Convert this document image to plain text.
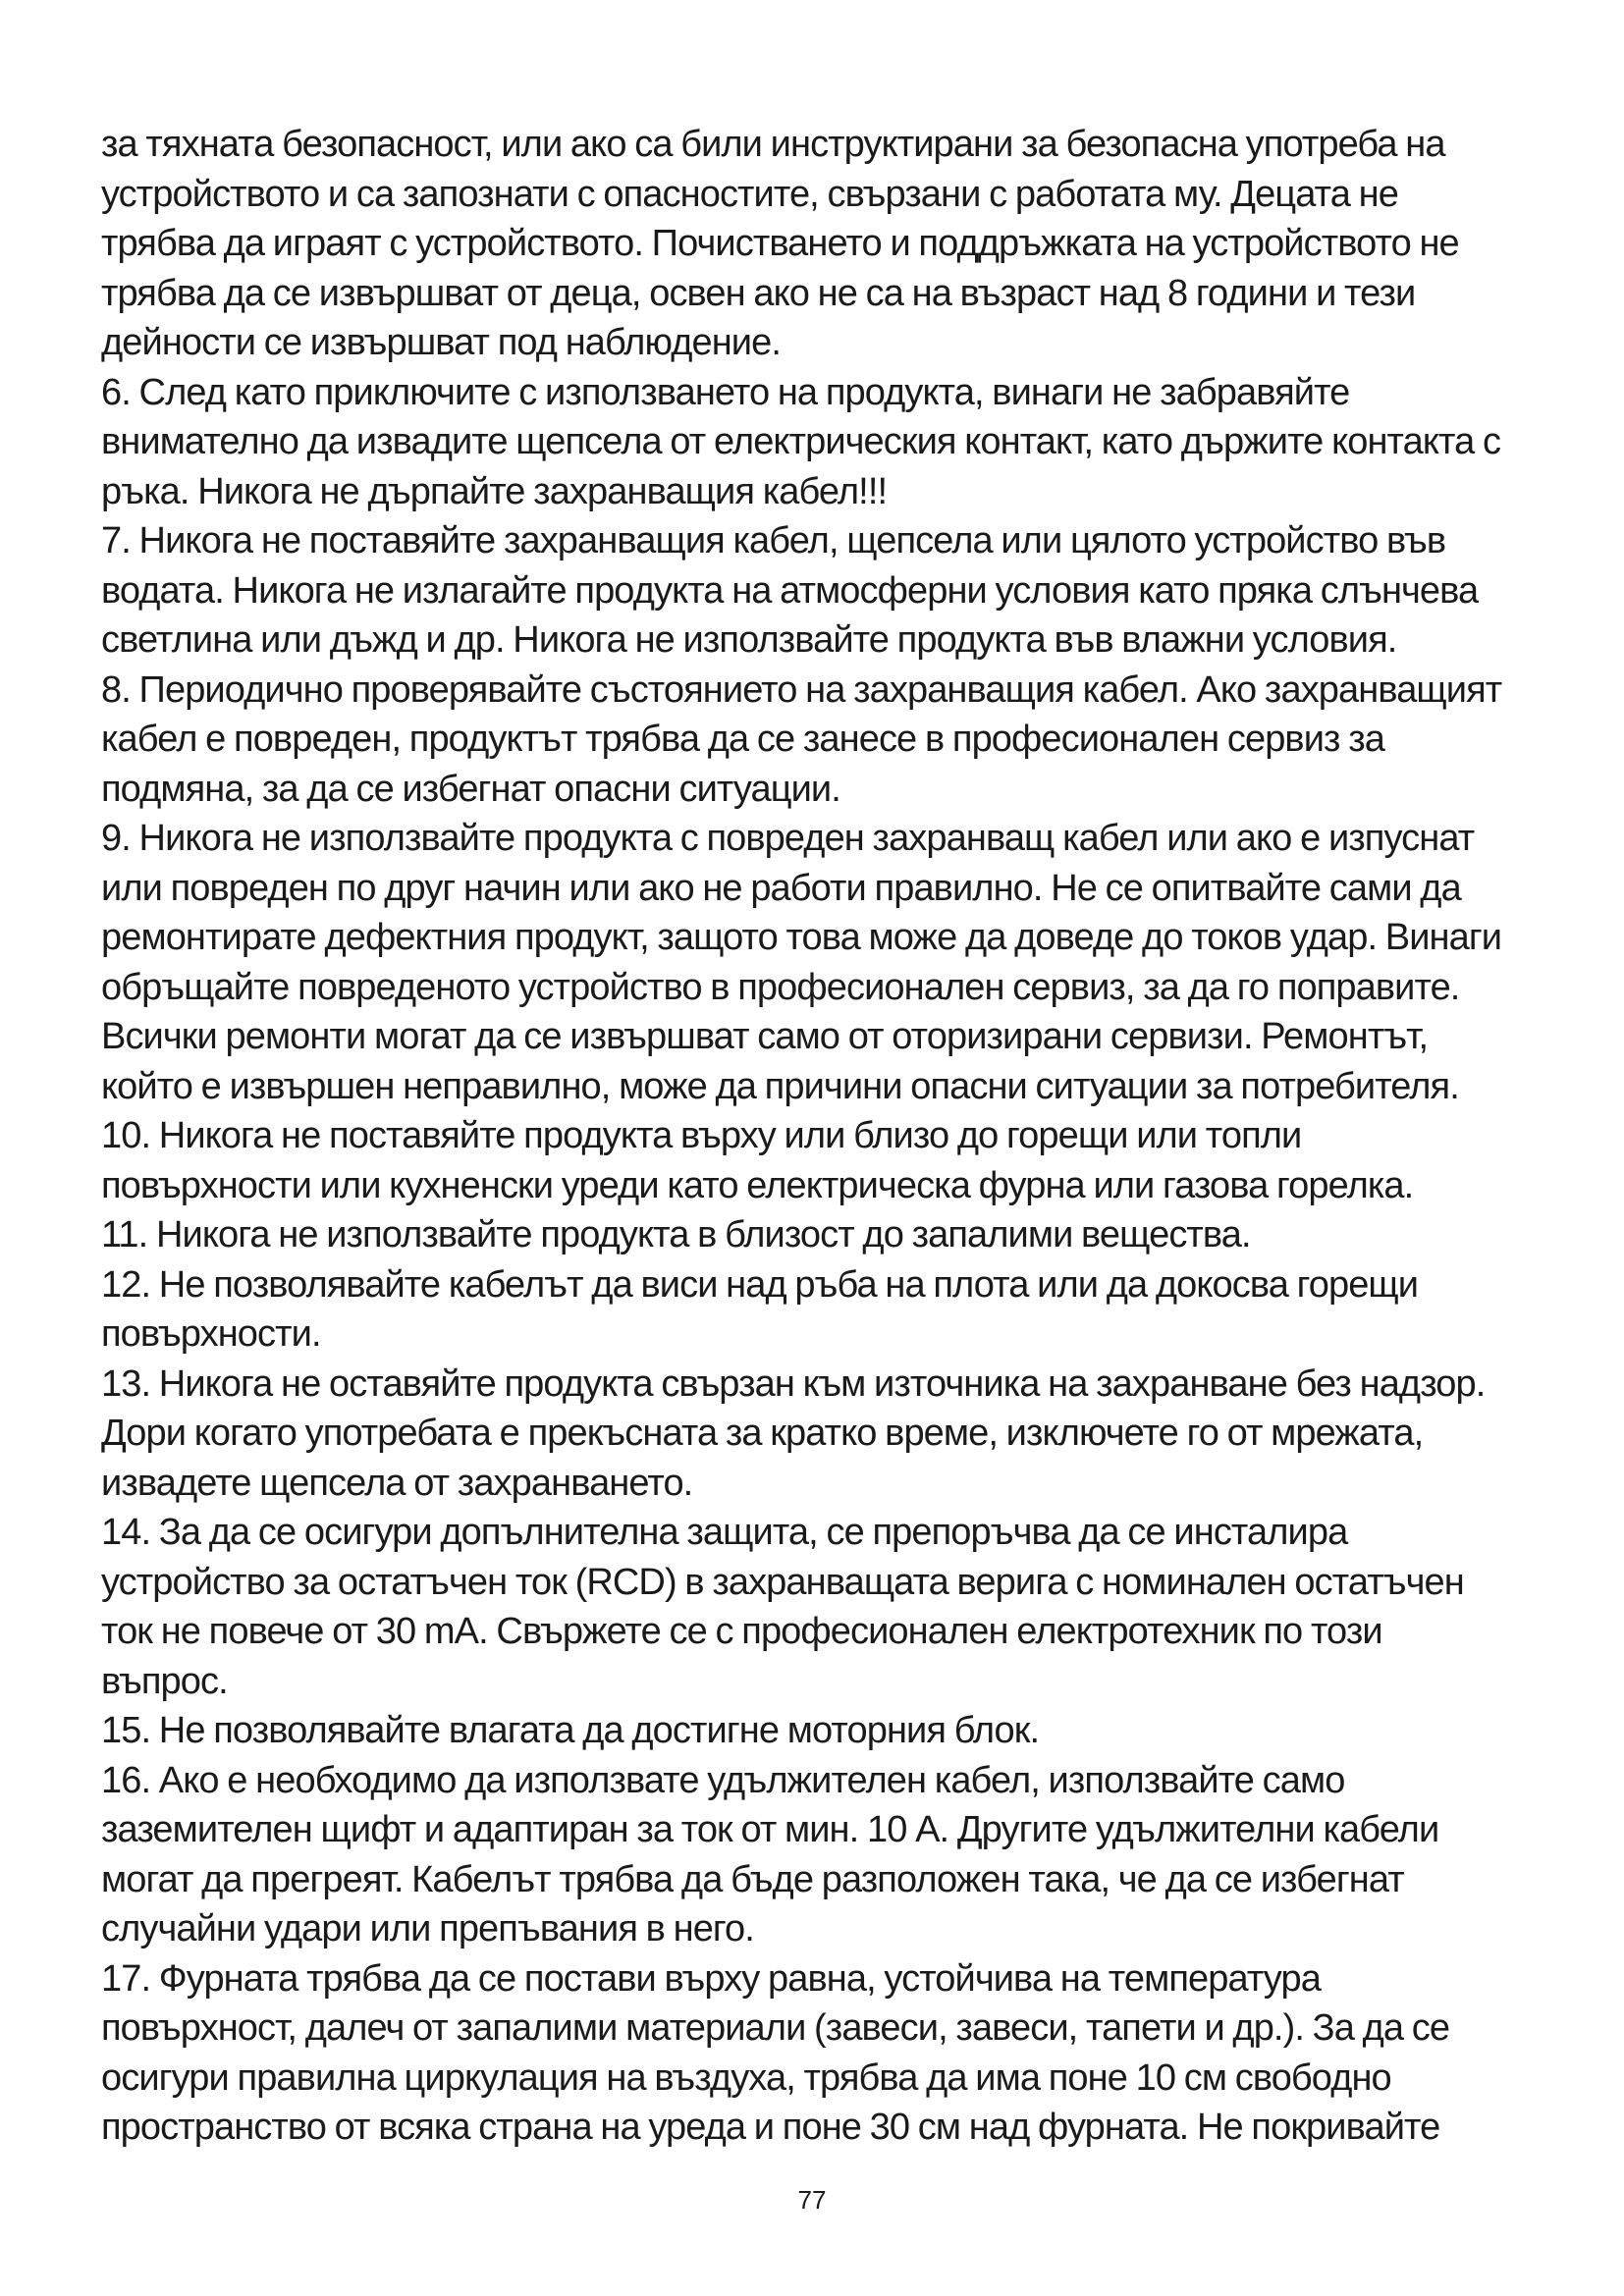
за тяхната безопасност, или ако са били инструктирани за безопасна употреба на
устройството и са запознати с опасностите, свързани с работата му. Децата не
трябва да играят с устройството. Почистването и поддръжката на устройството не
трябва да се извършват от деца, освен ако не са на възраст над 8 години и тези
дейности се извършват под наблюдение.
6. След като приключите с използването на продукта, винаги не забравяйте
внимателно да извадите щепсела от електрическия контакт, като държите контакта с
ръка. Никога не дърпайте захранващия кабел!!!
7. Никога не поставяйте захранващия кабел, щепсела или цялото устройство във
водата. Никога не излагайте продукта на атмосферни условия като пряка слънчева
светлина или дъжд и др. Никога не използвайте продукта във влажни условия.
8. Периодично проверявайте състоянието на захранващия кабел. Ако захранващият
кабел е повреден, продуктът трябва да се занесе в професионален сервиз за
подмяна, за да се избегнат опасни ситуации.
9. Никога не използвайте продукта с повреден захранващ кабел или ако е изпуснат
или повреден по друг начин или ако не работи правилно. Не се опитвайте сами да
ремонтирате дефектния продукт, защото това може да доведе до токов удар. Винаги
обръщайте повреденото устройство в професионален сервиз, за да го поправите.
Всички ремонти могат да се извършват само от оторизирани сервизи. Ремонтът,
който е извършен неправилно, може да причини опасни ситуации за потребителя.
10. Никога не поставяйте продукта върху или близо до горещи или топли
повърхности или кухненски уреди като електрическа фурна или газова горелка.
11. Никога не използвайте продукта в близост до запалими вещества.
12. Не позволявайте кабелът да виси над ръба на плота или да докосва горещи
повърхности.
13. Никога не оставяйте продукта свързан към източника на захранване без надзор.
Дори когато употребата е прекъсната за кратко време, изключете го от мрежата,
извадете щепсела от захранването.
14. За да се осигури допълнителна защита, се препоръчва да се инсталира
устройство за остатъчен ток (RCD) в захранващата верига с номинален остатъчен
ток не повече от 30 mA. Свържете се с професионален електротехник по този
въпрос.
15. Не позволявайте влагата да достигне моторния блок.
16. Ако е необходимо да използвате удължителен кабел, използвайте само
заземителен щифт и адаптиран за ток от мин. 10 A. Другите удължителни кабели
могат да прегреят. Кабелът трябва да бъде разположен така, че да се избегнат
случайни удари или препъвания в него.
17. Фурната трябва да се постави върху равна, устойчива на температура
повърхност, далеч от запалими материали (завеси, завеси, тапети и др.). За да се
осигури правилна циркулация на въздуха, трябва да има поне 10 см свободно
пространство от всяка страна на уреда и поне 30 см над фурната. Не покривайте
77
